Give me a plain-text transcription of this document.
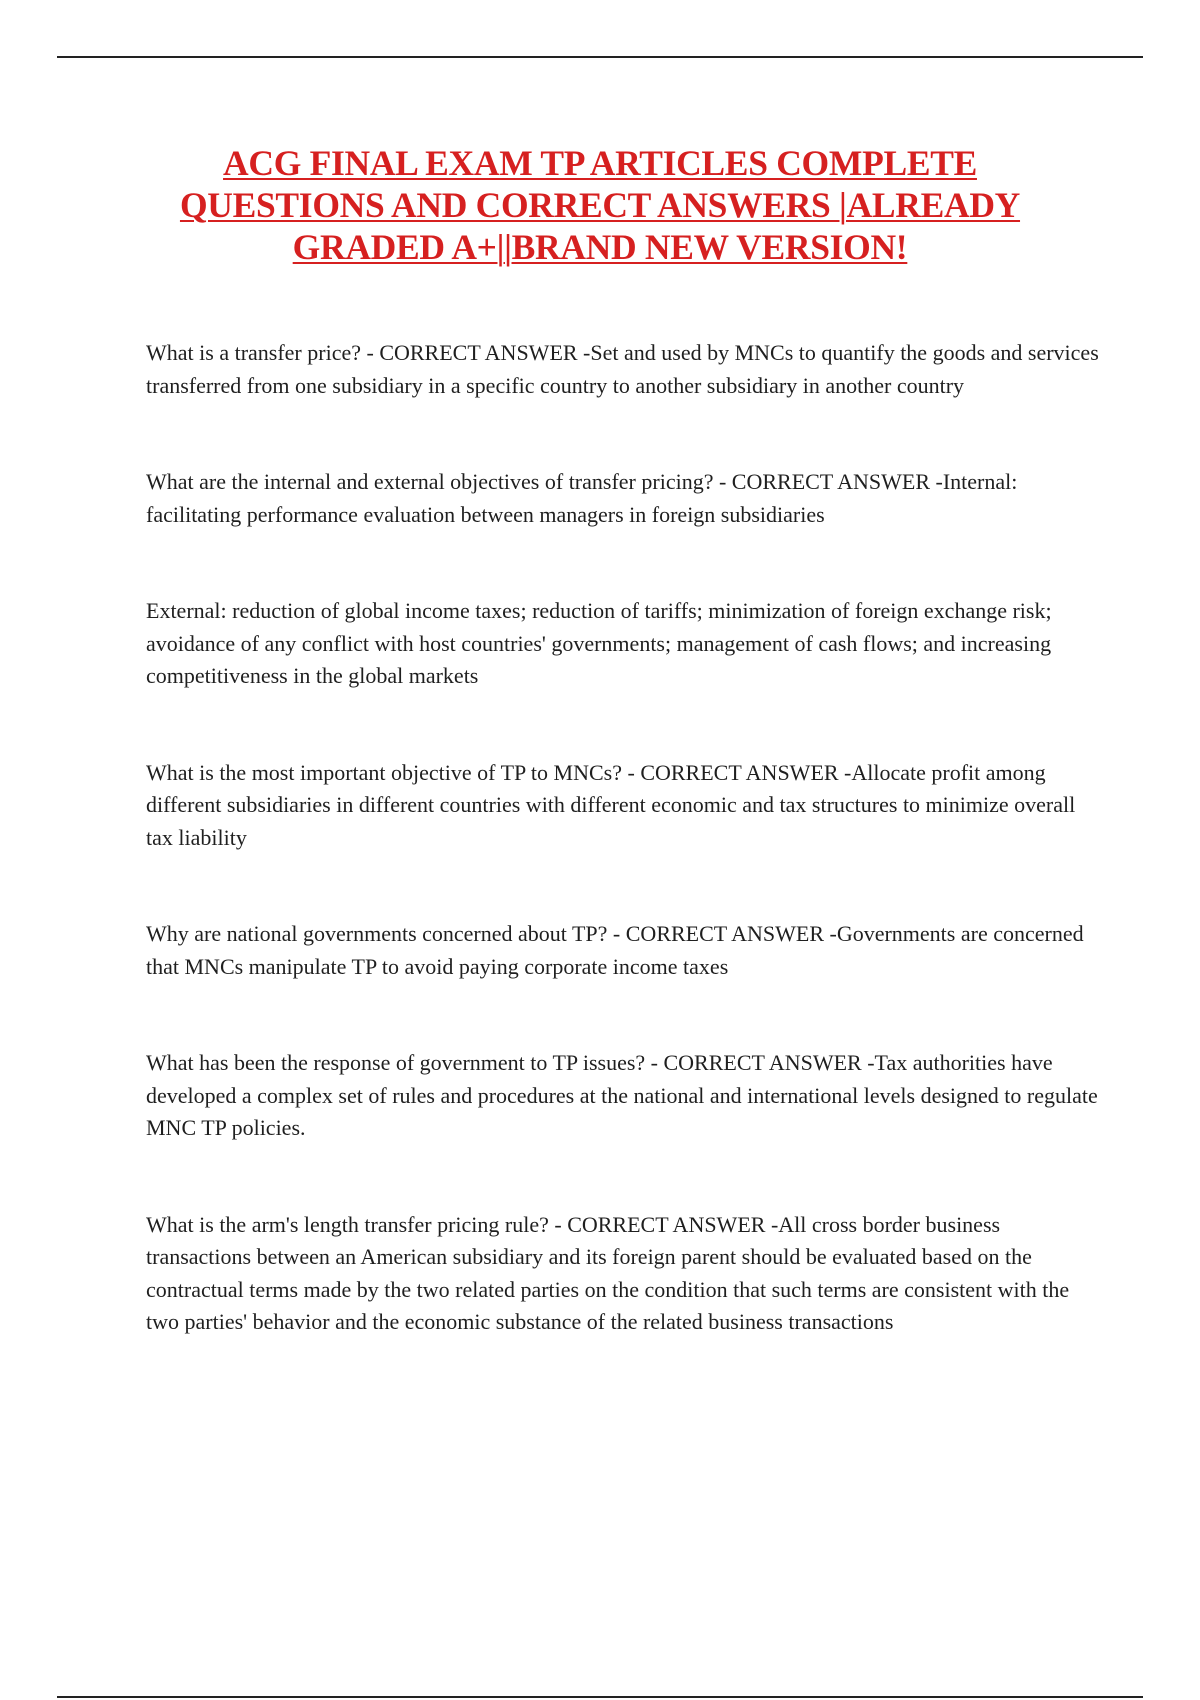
ACG FINAL EXAM TP ARTICLES COMPLETE QUESTIONS AND CORRECT ANSWERS |ALREADY GRADED A+||BRAND NEW VERSION!

What is a transfer price? - CORRECT ANSWER -Set and used by MNCs to quantify the goods and services transferred from one subsidiary in a specific country to another subsidiary in another country

What are the internal and external objectives of transfer pricing? - CORRECT ANSWER -Internal: facilitating performance evaluation between managers in foreign subsidiaries

External: reduction of global income taxes; reduction of tariffs; minimization of foreign exchange risk; avoidance of any conflict with host countries' governments; management of cash flows; and increasing competitiveness in the global markets

What is the most important objective of TP to MNCs? - CORRECT ANSWER -Allocate profit among different subsidiaries in different countries with different economic and tax structures to minimize overall tax liability

Why are national governments concerned about TP? - CORRECT ANSWER -Governments are concerned that MNCs manipulate TP to avoid paying corporate income taxes

What has been the response of government to TP issues? - CORRECT ANSWER -Tax authorities have developed a complex set of rules and procedures at the national and international levels designed to regulate MNC TP policies.

What is the arm's length transfer pricing rule? - CORRECT ANSWER -All cross border business transactions between an American subsidiary and its foreign parent should be evaluated based on the contractual terms made by the two related parties on the condition that such terms are consistent with the two parties' behavior and the economic substance of the related business transactions
